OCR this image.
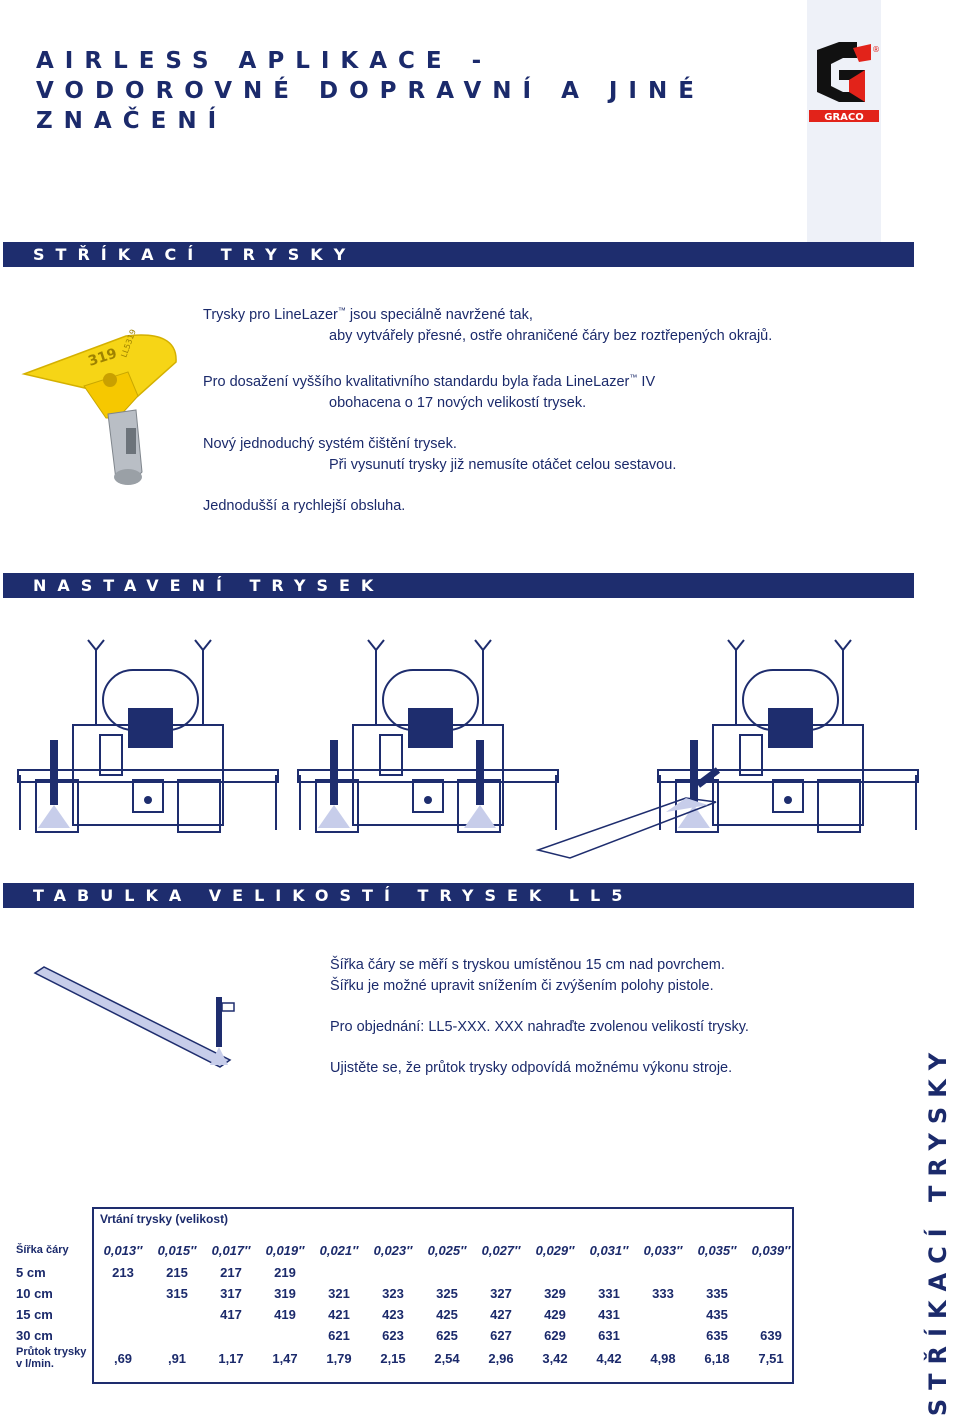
AIRLESS APLIKACE -
VODOROVNÉ DOPRAVNÍ A JINÉ
ZNAČENÍ	GRACO
®
STŘÍKACÍ TRYSKY
319 LL5319

Trysky pro LineLazer™ jsou speciálně navržené tak,

aby vytvářely přesné, ostře ohraničené čáry bez roztřepených okrajů.

Pro dosažení vyššího kvalitativního standardu byla řada LineLazer™ IV

obohacena o 17 nových velikostí trysek.

Nový jednoduchý systém čištění trysek.

Při vysunutí trysky již nemusíte otáčet celou sestavou.

Jednodušší a rychlejší obsluha.

NASTAVENÍ TRYSEK
TABULKA VELIKOSTÍ TRYSEK LL5

Šířka čáry se měří s tryskou umístěnou 15 cm nad povrchem.

Šířku je možné upravit snížením či zvýšením polohy pistole.

Pro objednání: LL5-XXX. XXX nahraďte zvolenou velikostí trysky.

Ujistěte se, že průtok trysky odpovídá možnému výkonu stroje.	STŘÍKACÍ TRYSKY
Vrtání trysky (velikost)
Šířka čáry	0,013″	0,015″	0,017″	0,019″	0,021″	0,023″	0,025″	0,027″	0,029″	0,031″	0,033″	0,035″	0,039″
5 cm	213	215	217	219									
10 cm		315	317	319	321	323	325	327	329	331	333	335	
15 cm			417	419	421	423	425	427	429	431		435	
30 cm					621	623	625	627	629	631		635	639
Průtok trysky
v l/min.	,69	,91	1,17	1,47	1,79	2,15	2,54	2,96	3,42	4,42	4,98	6,18	7,51
